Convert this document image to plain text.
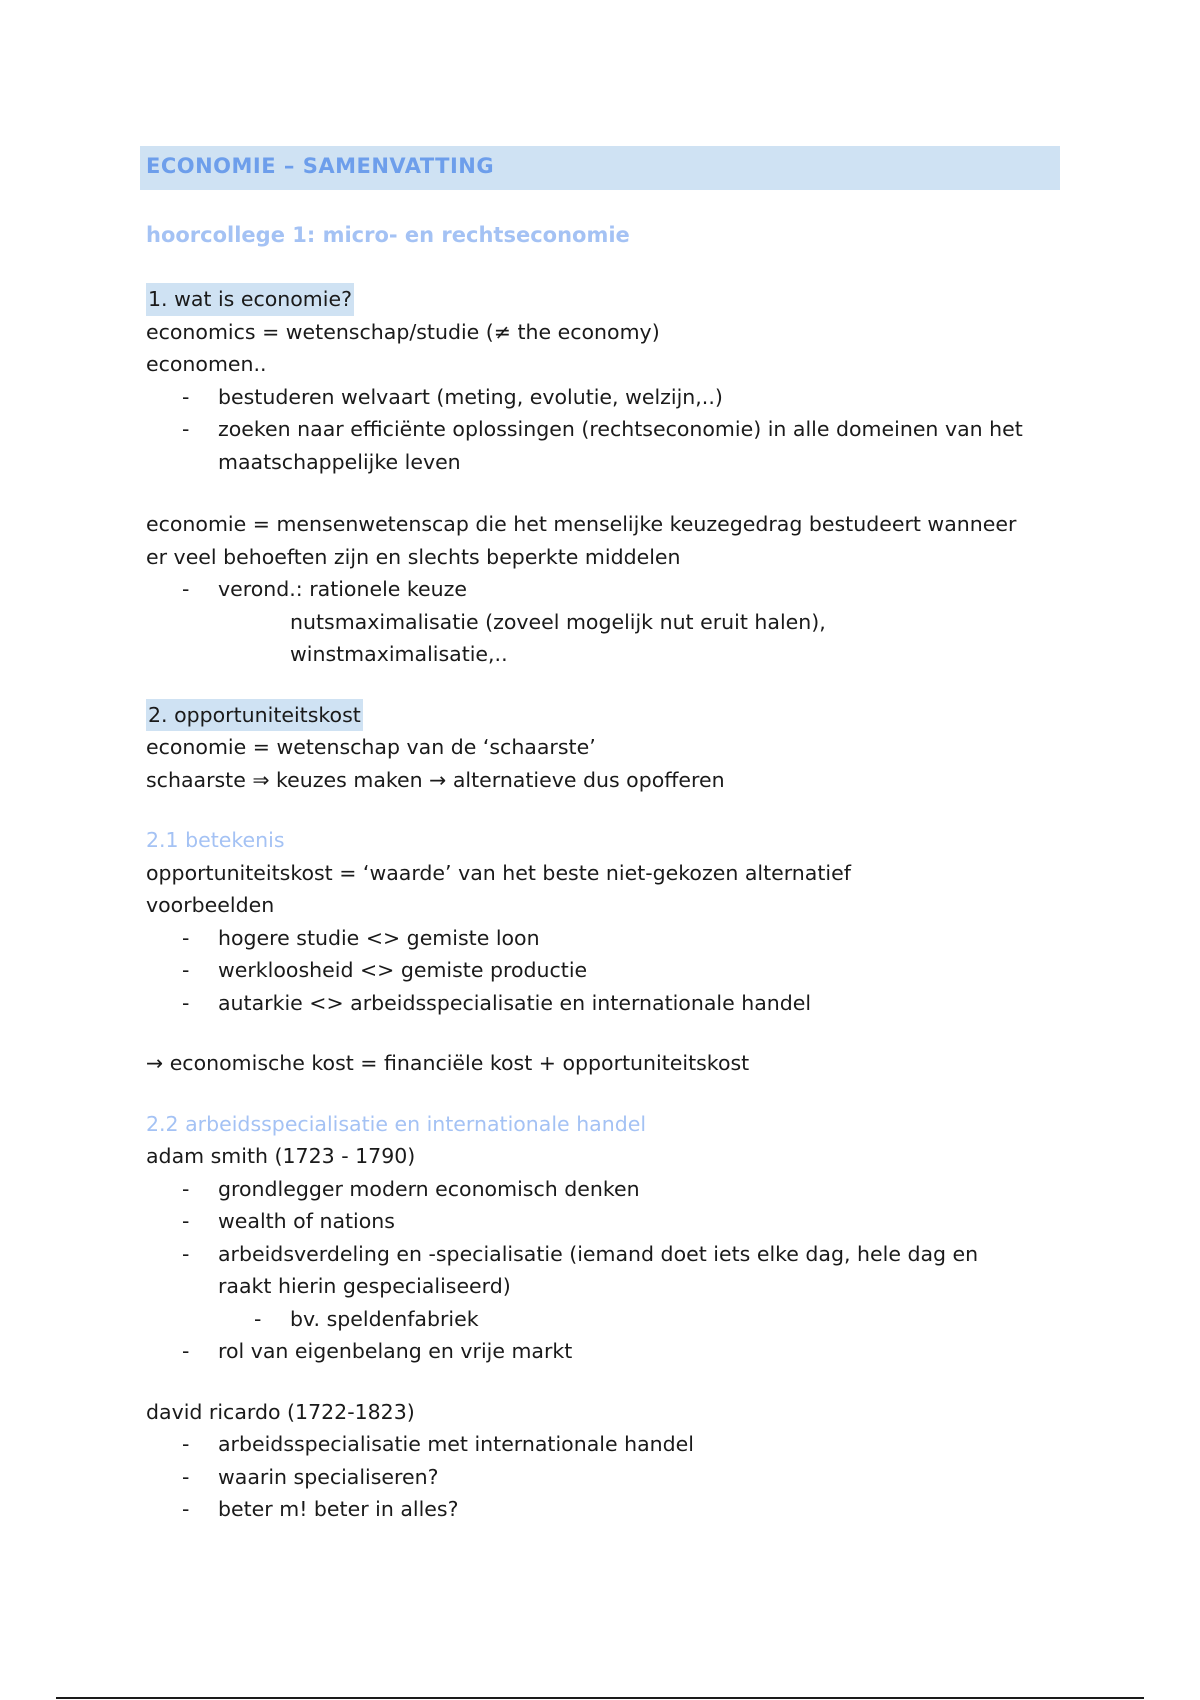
ECONOMIE – SAMENVATTING
hoorcollege 1: micro- en rechtseconomie
1. wat is economie?
economics = wetenschap/studie (≠ the economy)
economen..
- bestuderen welvaart (meting, evolutie, welzijn,..)
- zoeken naar efficiënte oplossingen (rechtseconomie) in alle domeinen van het
maatschappelijke leven
economie = mensenwetenscap die het menselijke keuzegedrag bestudeert wanneer
er veel behoeften zijn en slechts beperkte middelen
- verond.: rationele keuze
nutsmaximalisatie (zoveel mogelijk nut eruit halen),
winstmaximalisatie,..
2. opportuniteitskost
economie = wetenschap van de ‘schaarste’
schaarste ⇒ keuzes maken → alternatieve dus opofferen
2.1 betekenis
opportuniteitskost = ‘waarde’ van het beste niet-gekozen alternatief
voorbeelden
- hogere studie <> gemiste loon
- werkloosheid <> gemiste productie
- autarkie <> arbeidsspecialisatie en internationale handel
→ economische kost = financiële kost + opportuniteitskost
2.2 arbeidsspecialisatie en internationale handel
adam smith (1723 - 1790)
- grondlegger modern economisch denken
- wealth of nations
- arbeidsverdeling en -specialisatie (iemand doet iets elke dag, hele dag en
raakt hierin gespecialiseerd)
- bv. speldenfabriek
- rol van eigenbelang en vrije markt
david ricardo (1722-1823)
- arbeidsspecialisatie met internationale handel
- waarin specialiseren?
- beter m! beter in alles?
